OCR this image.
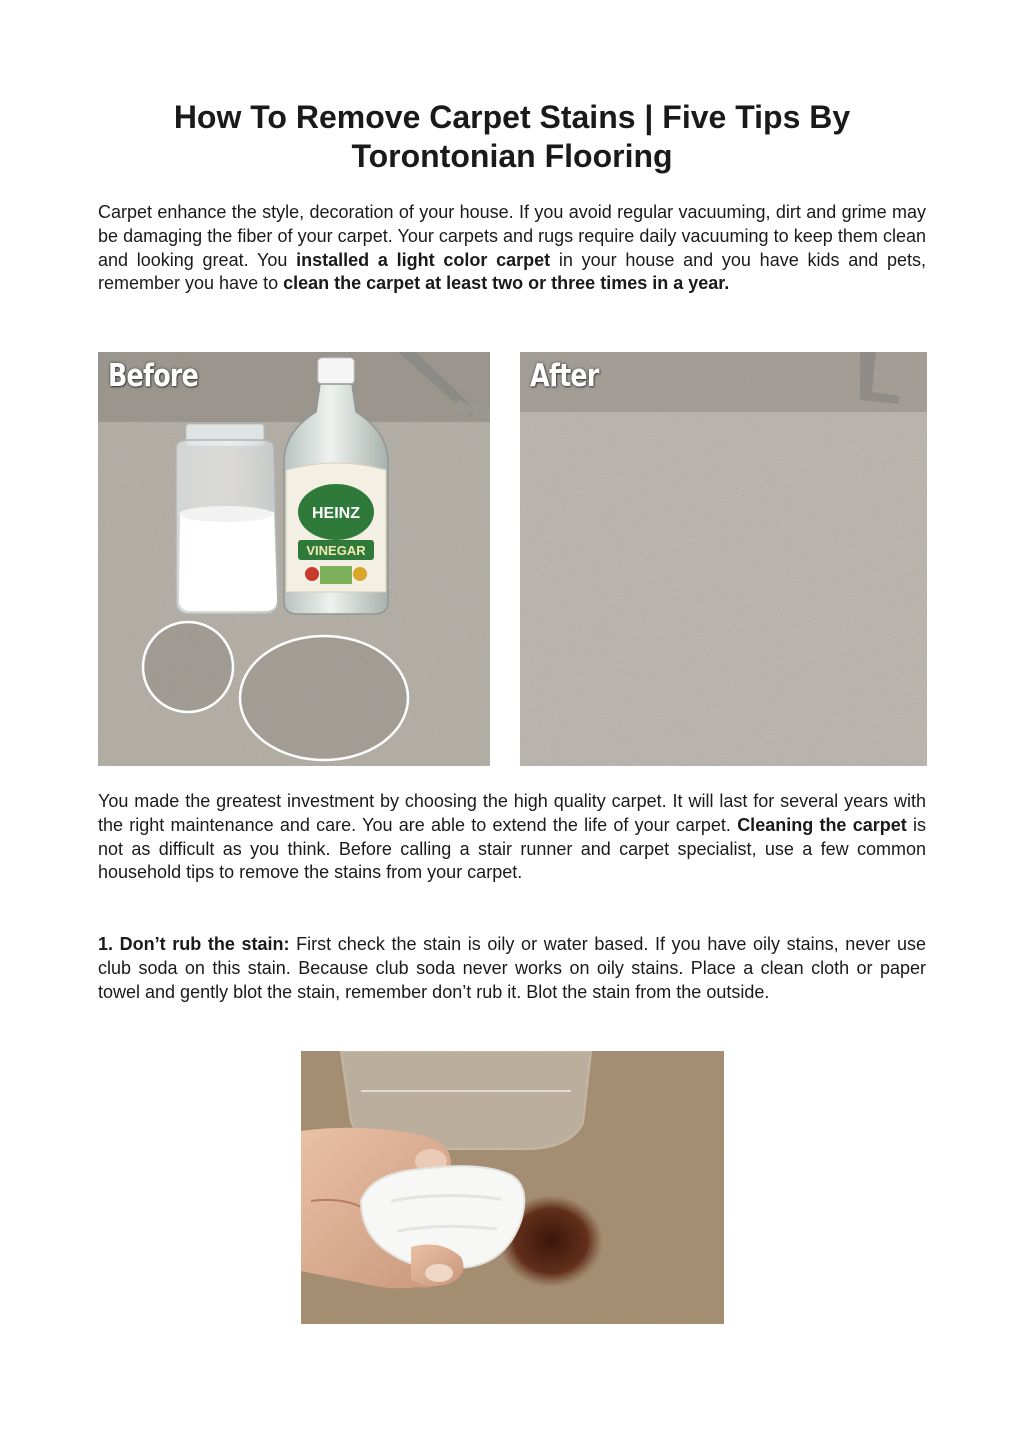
How To Remove Carpet Stains | Five Tips By Torontonian Flooring
Carpet enhance the style, decoration of your house. If you avoid regular vacuuming, dirt and grime may be damaging the fiber of your carpet. Your carpets and rugs require daily vacuuming to keep them clean and looking great. You installed a light color carpet in your house and you have kids and pets, remember you have to clean the carpet at least two or three times in a year.
HEINZ
VINEGAR
Before	After
You made the greatest investment by choosing the high quality carpet. It will last for several years with the right maintenance and care. You are able to extend the life of your carpet. Cleaning the carpet is not as difficult as you think. Before calling a stair runner and carpet specialist, use a few common household tips to remove the stains from your carpet.
1. Don’t rub the stain: First check the stain is oily or water based. If you have oily stains, never use club soda on this stain. Because club soda never works on oily stains. Place a clean cloth or paper towel and gently blot the stain, remember don’t rub it. Blot the stain from the outside.
